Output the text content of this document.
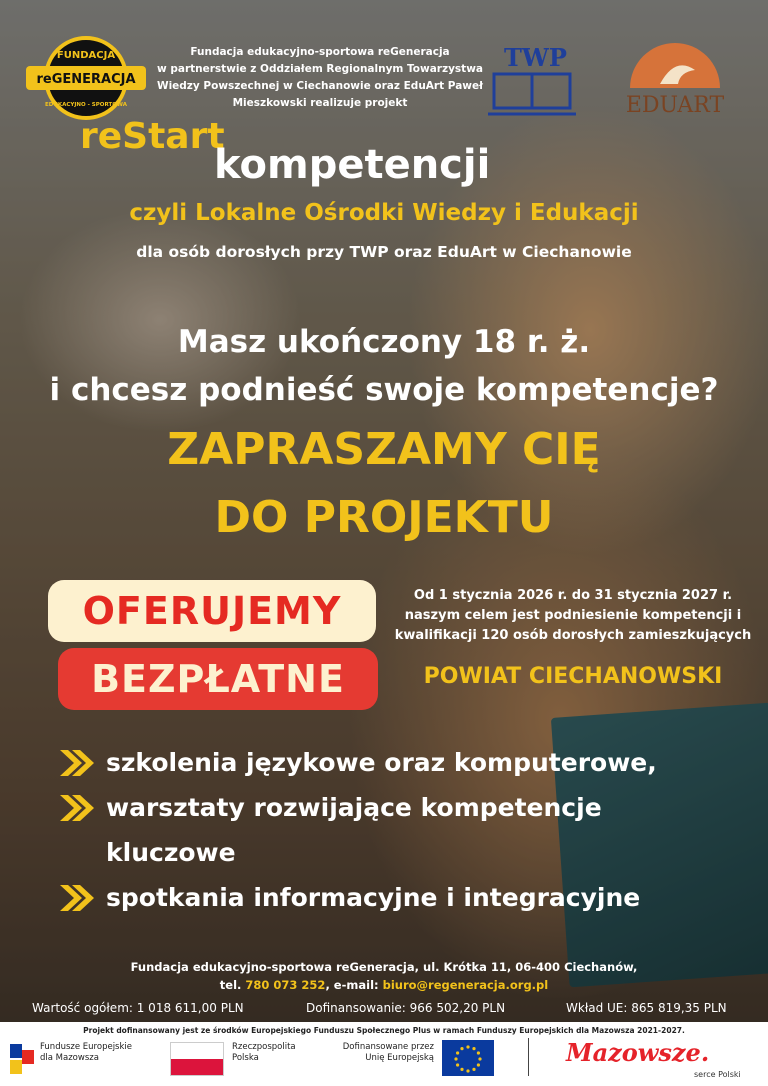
FUNDACJA
reGENERACJA
EDUKACYJNO - SPORTOWA
Fundacja edukacyjno-sportowa reGeneracja
w partnerstwie z Oddziałem Regionalnym Towarzystwa
Wiedzy Powszechnej w Ciechanowie oraz EduArt Paweł
Mieszkowski realizuje projekt
TWP
EDUART
reStart
kompetencji
czyli Lokalne Ośrodki Wiedzy i Edukacji
dla osób dorosłych przy TWP oraz EduArt w Ciechanowie
Masz ukończony 18 r. ż.
i chcesz podnieść swoje kompetencje?
ZAPRASZAMY CIĘ
DO PROJEKTU
OFERUJEMY
BEZPŁATNE
Od 1 stycznia 2026 r. do 31 stycznia 2027 r.
naszym celem jest podniesienie kompetencji i
kwalifikacji 120 osób dorosłych zamieszkujących
POWIAT CIECHANOWSKI
szkolenia językowe oraz komputerowe,
warsztaty rozwijające kompetencje
kluczowe
spotkania informacyjne i integracyjne
Fundacja edukacyjno-sportowa reGeneracja, ul. Krótka 11, 06-400 Ciechanów,
tel. 780 073 252, e-mail: biuro@regeneracja.org.pl
Wartość ogółem: 1 018 611,00 PLN	Dofinansowanie: 966 502,20 PLN	Wkład UE: 865 819,35 PLN
Projekt dofinansowany jest ze środków Europejskiego Funduszu Społecznego Plus w ramach Funduszy Europejskich dla Mazowsza 2021-2027.
Fundusze Europejskie
dla Mazowsza
Rzeczpospolita
Polska
Dofinansowane przez
Unię Europejską	Mazowsze.
serce Polski
